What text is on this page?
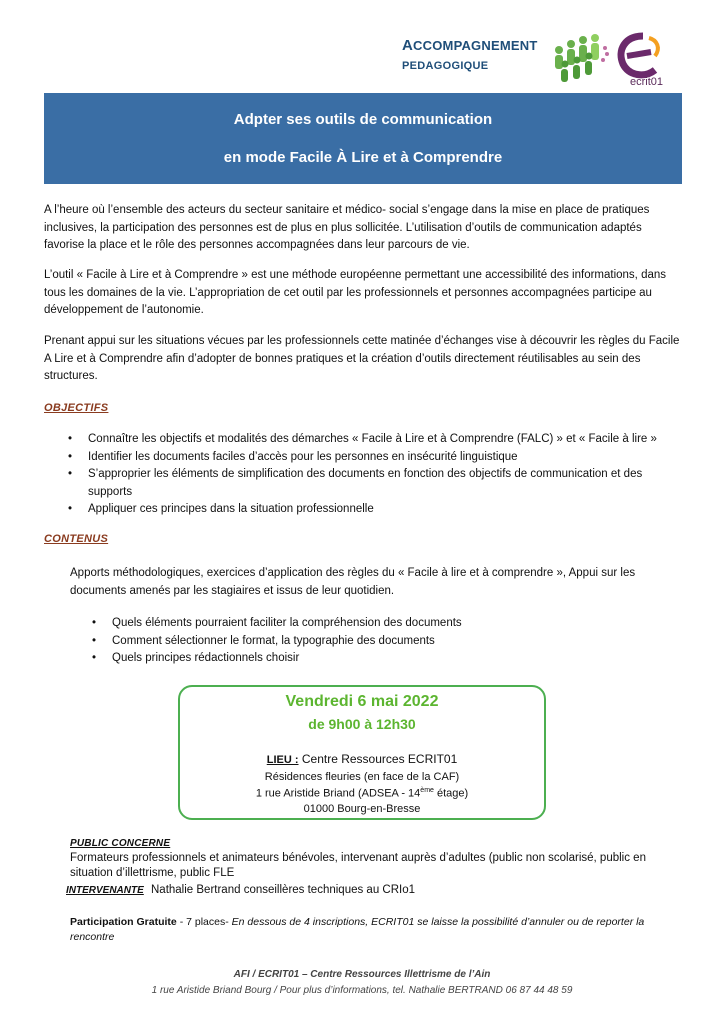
ACCOMPAGNEMENT
PEDAGOGIQUE
ecrit01
Adpter ses outils de communication
en mode Facile À Lire et à Comprendre

A l’heure où l’ensemble des acteurs du secteur sanitaire et médico- social s’engage dans la mise en place de pratiques inclusives, la participation des personnes est de plus en plus sollicitée. L’utilisation d’outils de communication adaptés favorise la place et le rôle des personnes accompagnées dans leur parcours de vie.

L’outil « Facile à Lire et à Comprendre » est une méthode européenne permettant une accessibilité des informations, dans tous les domaines de la vie. L’appropriation de cet outil par les professionnels et personnes accompagnées participe au développement de l’autonomie.

Prenant appui sur les situations vécues par les professionnels cette matinée d’échanges vise à découvrir les règles du Facile A Lire et à Comprendre afin d’adopter de bonnes pratiques et la création d’outils directement réutilisables au sein des structures.

OBJECTIFS
• Connaître les objectifs et modalités des démarches « Facile à Lire et à Comprendre (FALC) » et « Facile à lire »
• Identifier les documents faciles d’accès pour les personnes en insécurité linguistique
• S’approprier les éléments de simplification des documents en fonction des objectifs de communication et des supports
• Appliquer ces principes dans la situation professionnelle
CONTENUS

Apports méthodologiques, exercices d’application des règles du « Facile à lire et à comprendre », Appui sur les documents amenés par les stagiaires et issus de leur quotidien.

• Quels éléments pourraient faciliter la compréhension des documents
• Comment sélectionner le format, la typographie des documents
• Quels principes rédactionnels choisir
Vendredi 6 mai 2022
de 9h00 à 12h30
LIEU : Centre Ressources ECRIT01
Résidences fleuries (en face de la CAF)
1 rue Aristide Briand (ADSEA - 14ème étage)
01000 Bourg-en-Bresse
PUBLIC CONCERNE

Formateurs professionnels et animateurs bénévoles, intervenant auprès d’adultes (public non scolarisé, public en situation d’illettrisme, public FLE

INTERVENANTE Nathalie Bertrand conseillères techniques au CRIo1

Participation Gratuite - 7 places- En dessous de 4 inscriptions, ECRIT01 se laisse la possibilité d’annuler ou de reporter la rencontre

AFI / ECRIT01 – Centre Ressources Illettrisme de l’Ain
1 rue Aristide Briand Bourg / Pour plus d’informations, tel. Nathalie BERTRAND 06 87 44 48 59
